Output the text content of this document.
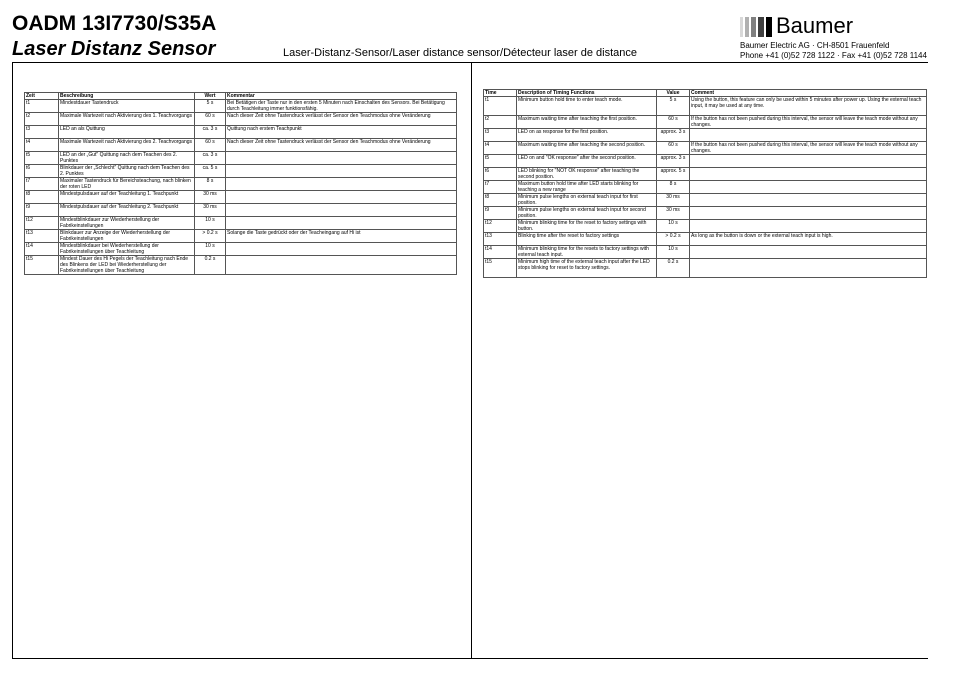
OADM 13I7730/S35A
Laser Distanz Sensor	Laser-Distanz-Sensor/Laser distance sensor/Détecteur laser de distance
Baumer
Baumer Electric AG · CH-8501 Frauenfeld
Phone +41 (0)52 728 1122 · Fax +41 (0)52 728 1144
Zeit	Beschreibung	Wert	Kommentar
t1	Mindestdauer Tastendruck	5 s	Bei Betätigen der Taste nur in den ersten 5 Minuten nach Einschalten des Sensors. Bei Betätigung durch Teachleitung immer funktionsfähig.
t2	Maximale Wartezeit nach Aktivierung des 1. Teachvorgangs	60 s	Nach dieser Zeit ohne Tastendruck verlässt der Sensor den Teachmodus ohne Veränderung
t3	LED an als Quittung	ca. 3 s	Quittung nach erstem Teachpunkt
t4	Maximale Wartezeit nach Aktivierung des 2. Teachvorgangs	60 s	Nach dieser Zeit ohne Tastendruck verlässt der Sensor den Teachmodus ohne Veränderung
t5	LED an der „Gut" Quittung nach dem Teachen des 2. Punktes	ca. 3 s	
t6	Blinkdauer der „Schlecht" Quittung nach dem Teachen des 2. Punktes	ca. 5 s	
t7	Maximaler Tastendruck für Bereichsteachung, nach blinken der roten LED	8 s	
t8	Mindestpulsdauer auf der Teachleitung 1. Teachpunkt	30 ms	
t9	Mindestpulsdauer auf der Teachleitung 2. Teachpunkt	30 ms	
t12	Mindestblinkdauer zur Wiederherstellung der Fabrikeinstellungen	10 s	
t13	Blinkdauer zur Anzeige der Wiederherstellung der Fabrikeinstellungen	> 0.2 s	Solange die Taste gedrückt oder der Teacheingang auf Hi ist
t14	Mindestblinkdauer bei Wiederherstellung der Fabrikeinstellungen über Teachleitung	10 s	
t15	Mindest Dauer des Hi Pegels der Teachleitung nach Ende des Blinkens der LED bei Wiederherstellung der Fabrikeinstellungen über Teachleitung	0.2 s	
Time	Description of Timing Functions	Value	Comment
t1	Minimum button hold time to enter teach mode.	5 s	Using the button, this feature can only be used within 5 minutes after power up. Using the external teach input, it may be used at any time.
t2	Maximum waiting time after teaching the first position.	60 s	If the button has not been pushed during this interval, the sensor will leave the teach mode without any changes.
t3	LED on as response for the first position.	approx. 3 s	
t4	Maximum waiting time after teaching the second position.	60 s	If the button has not been pushed during this interval, the sensor will leave the teach mode without any changes.
t5	LED on and "OK response" after the second position.	approx. 3 s	
t6	LED blinking for "NOT OK response" after teaching the second position.	approx. 5 s	
t7	Maximum button hold time after LED starts blinking for teaching a new range	8 s	
t8	Minimum pulse lengths on external teach input for first position.	30 ms	
t9	Minimum pulse lengths on external teach input for second position.	30 ms	
t12	Minimum blinking time for the reset to factory settings with button.	10 s	
t13	Blinking time after the reset to factory settings	> 0.2 s	As long as the button is down or the external teach input is high.
t14	Minimum blinking time for the resets to factory settings with external teach input.	10 s	
t15	Minimum high time of the external teach input after the LED stops blinking for reset to factory settings.	0.2 s	
